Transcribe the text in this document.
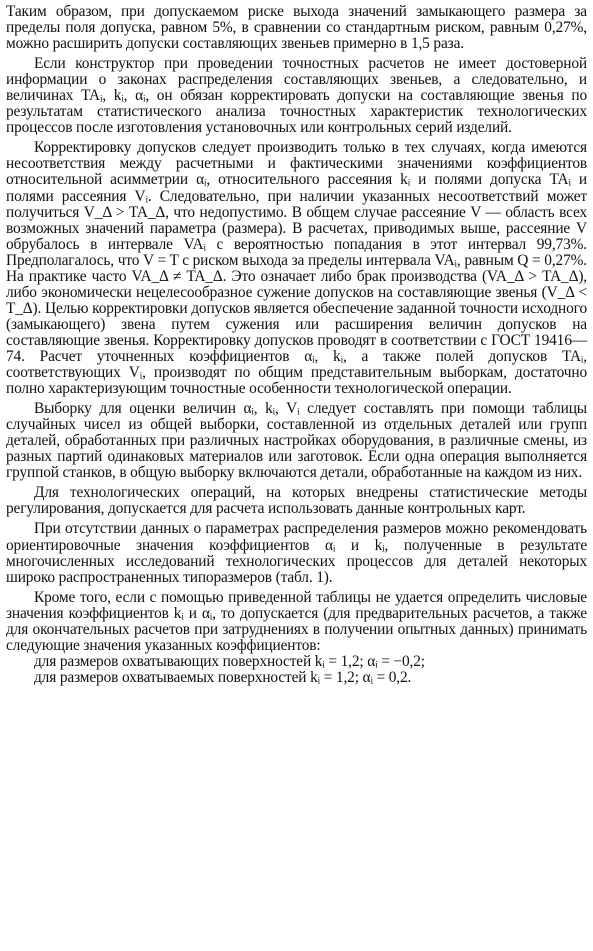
Таким образом, при допускаемом риске выхода значений замыкающего размера за пределы поля допуска, равном 5%, в сравнении со стандартным риском, равным 0,27%, можно расширить допуски составляющих звеньев примерно в 1,5 раза.

Если конструктор при проведении точностных расчетов не имеет достоверной информации о законах распределения составляющих звеньев, а следовательно, и величинах TAᵢ, kᵢ, αᵢ, он обязан корректировать допуски на составляющие звенья по результатам статистического анализа точностных характеристик технологических процессов после изготовления установочных или контрольных серий изделий.

Корректировку допусков следует производить только в тех случаях, когда имеются несоответствия между расчетными и фактическими значениями коэффициентов относительной асимметрии αᵢ, относительного рассеяния kᵢ и полями допуска TAᵢ и полями рассеяния Vᵢ. Следовательно, при наличии указанных несоответствий может получиться V_Δ > TA_Δ, что недопустимо. В общем случае рассеяние V — область всех возможных значений параметра (размера). В расчетах, приводимых выше, рассеяние V обрубалось в интервале VAᵢ с вероятностью попадания в этот интервал 99,73%. Предполагалось, что V = T с риском выхода за пределы интервала VAᵢ, равным Q = 0,27%. На практике часто VA_Δ ≠ TA_Δ. Это означает либо брак производства (VA_Δ > TA_Δ), либо экономически нецелесообразное сужение допусков на составляющие звенья (V_Δ < T_Δ). Целью корректировки допусков является обеспечение заданной точности исходного (замыкающего) звена путем сужения или расширения величин допусков на составляющие звенья. Корректировку допусков проводят в соответствии с ГОСТ 19416—74. Расчет уточненных коэффициентов αᵢ, kᵢ, а также полей допусков TAᵢ, соответствующих Vᵢ, производят по общим представительным выборкам, достаточно полно характеризующим точностные особенности технологической операции.

Выборку для оценки величин αᵢ, kᵢ, Vᵢ следует составлять при помощи таблицы случайных чисел из общей выборки, составленной из отдельных деталей или групп деталей, обработанных при различных настройках оборудования, в различные смены, из разных партий одинаковых материалов или заготовок. Если одна операция выполняется группой станков, в общую выборку включаются детали, обработанные на каждом из них.

Для технологических операций, на которых внедрены статистические методы регулирования, допускается для расчета использовать данные контрольных карт.

При отсутствии данных о параметрах распределения размеров можно рекомендовать ориентировочные значения коэффициентов αᵢ и kᵢ, полученные в результате многочисленных исследований технологических процессов для деталей некоторых широко распространенных типоразмеров (табл. 1).

Кроме того, если с помощью приведенной таблицы не удается определить числовые значения коэффициентов kᵢ и αᵢ, то допускается (для предварительных расчетов, а также для окончательных расчетов при затруднениях в получении опытных данных) принимать следующие значения указанных коэффициентов:

для размеров охватывающих поверхностей kᵢ = 1,2; αᵢ = −0,2;

для размеров охватываемых поверхностей kᵢ = 1,2; αᵢ = 0,2.
